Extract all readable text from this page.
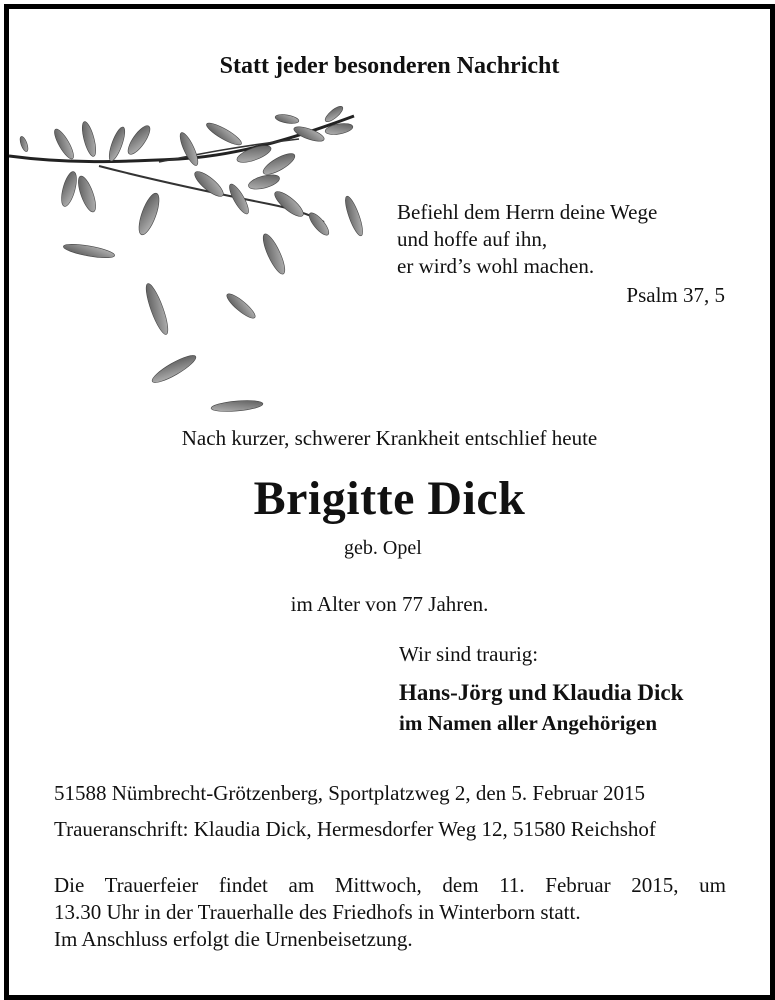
Statt jeder besonderen Nachricht
Befiehl dem Herrn deine Wege
und hoffe auf ihn,
er wird’s wohl machen.
Psalm 37, 5
Nach kurzer, schwerer Krankheit entschlief heute
Brigitte Dick
geb. Opel
im Alter von 77 Jahren.
Wir sind traurig:
Hans-Jörg und Klaudia Dick
im Namen aller Angehörigen
51588 Nümbrecht-Grötzenberg, Sportplatzweg 2, den 5. Februar 2015
Traueranschrift: Klaudia Dick, Hermesdorfer Weg 12, 51580 Reichshof
Die Trauerfeier findet am Mittwoch, dem 11. Februar 2015, um
13.30 Uhr in der Trauerhalle des Friedhofs in Winterborn statt.
Im Anschluss erfolgt die Urnenbeisetzung.
